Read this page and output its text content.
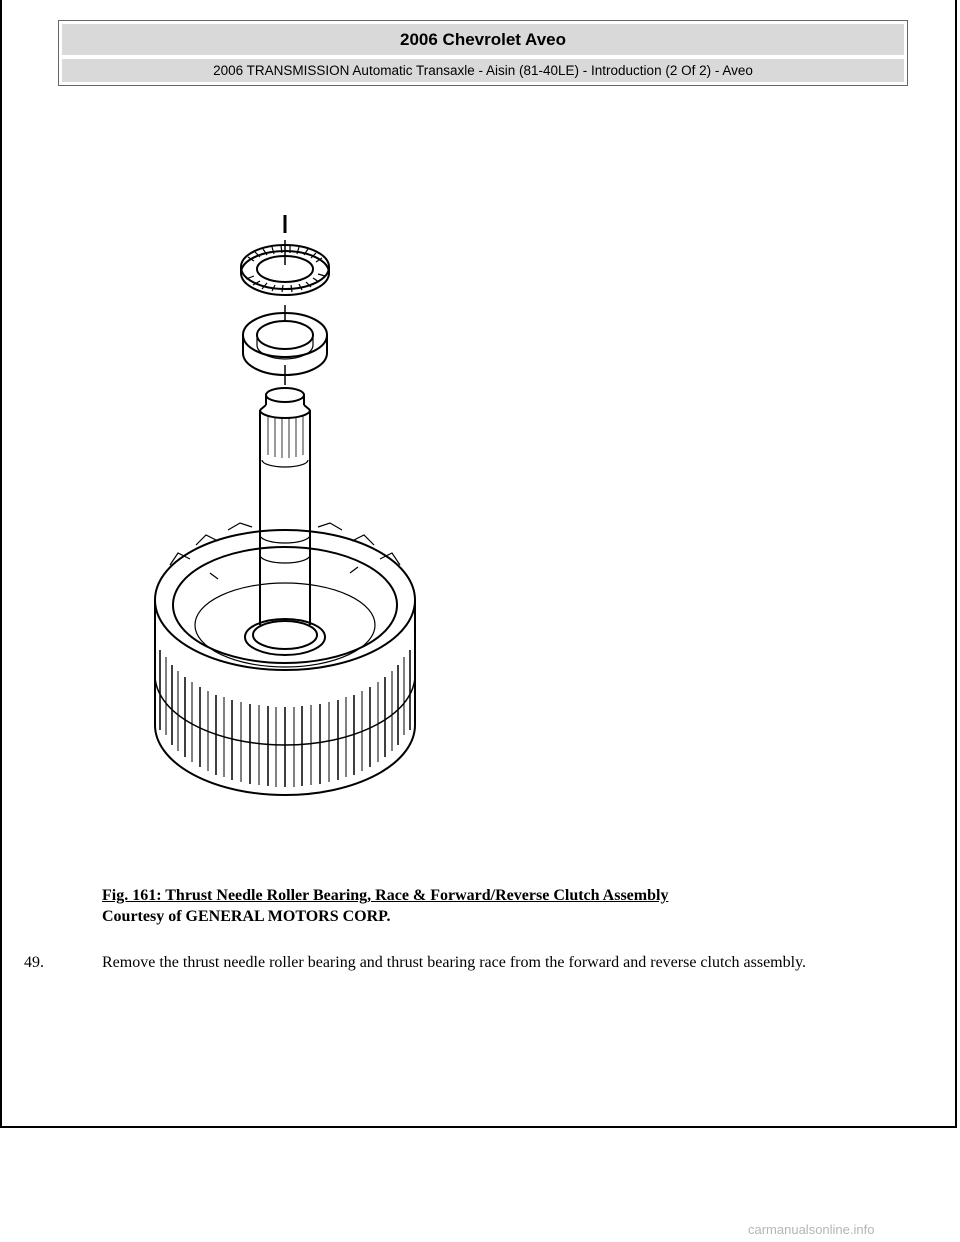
2006 Chevrolet Aveo
2006 TRANSMISSION Automatic Transaxle - Aisin (81-40LE) - Introduction (2 Of 2) - Aveo
Fig. 161: Thrust Needle Roller Bearing, Race & Forward/Reverse Clutch Assembly
Courtesy of GENERAL MOTORS CORP.
49.	Remove the thrust needle roller bearing and thrust bearing race from the forward and reverse clutch assembly.
carmanualsonline.info
